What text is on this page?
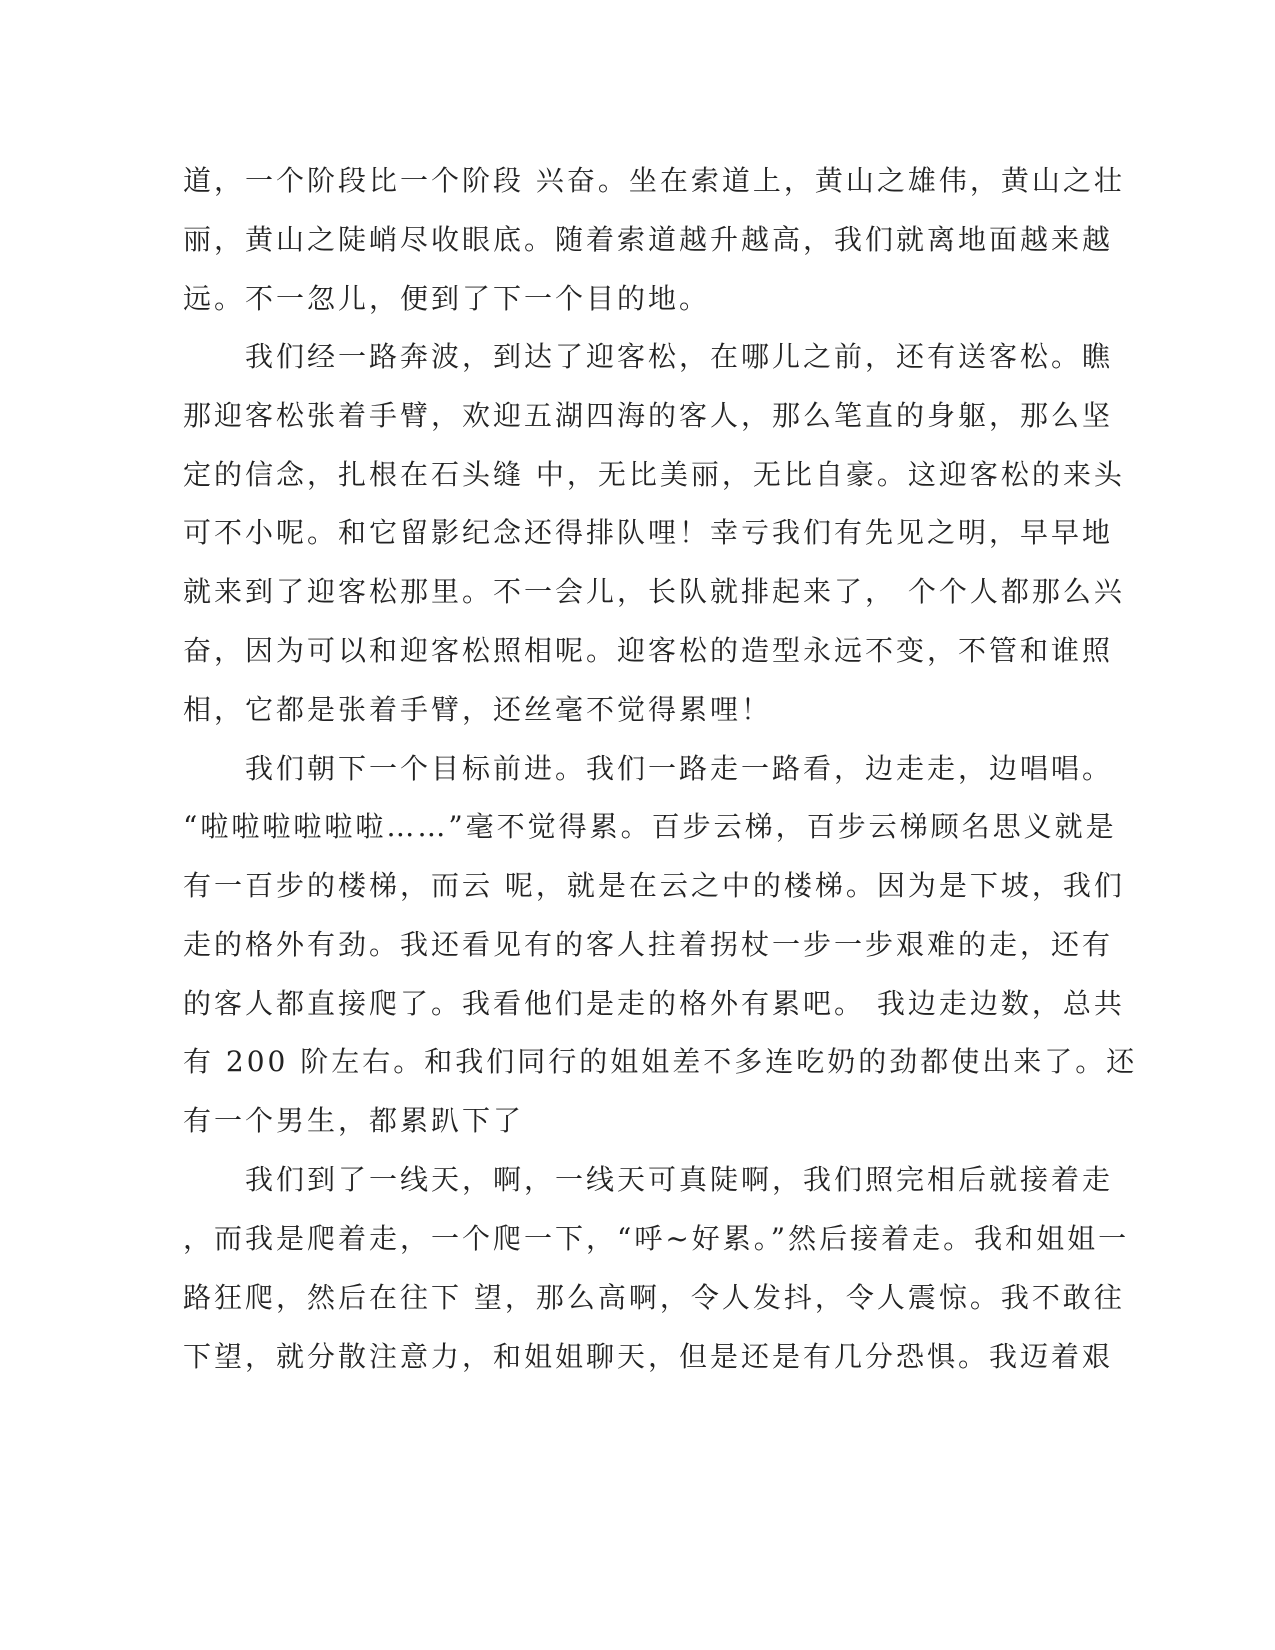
道，一个阶段比一个阶段 兴奋。坐在索道上，黄山之雄伟，黄山之壮
丽，黄山之陡峭尽收眼底。随着索道越升越高，我们就离地面越来越
远。不一忽儿，便到了下一个目的地。
　　我们经一路奔波，到达了迎客松，在哪儿之前，还有送客松。瞧
那迎客松张着手臂，欢迎五湖四海的客人，那么笔直的身躯，那么坚
定的信念，扎根在石头缝 中，无比美丽，无比自豪。这迎客松的来头
可不小呢。和它留影纪念还得排队哩！幸亏我们有先见之明，早早地
就来到了迎客松那里。不一会儿，长队就排起来了， 个个人都那么兴
奋，因为可以和迎客松照相呢。迎客松的造型永远不变，不管和谁照
相，它都是张着手臂，还丝毫不觉得累哩！
　　我们朝下一个目标前进。我们一路走一路看，边走走，边唱唱。
“啦啦啦啦啦啦……”毫不觉得累。百步云梯，百步云梯顾名思义就是
有一百步的楼梯，而云 呢，就是在云之中的楼梯。因为是下坡，我们
走的格外有劲。我还看见有的客人拄着拐杖一步一步艰难的走，还有
的客人都直接爬了。我看他们是走的格外有累吧。 我边走边数，总共
有 200 阶左右。和我们同行的姐姐差不多连吃奶的劲都使出来了。还
有一个男生，都累趴下了
　　我们到了一线天，啊，一线天可真陡啊，我们照完相后就接着走
，而我是爬着走，一个爬一下，“呼~好累。”然后接着走。我和姐姐一
路狂爬，然后在往下 望，那么高啊，令人发抖，令人震惊。我不敢往
下望，就分散注意力，和姐姐聊天，但是还是有几分恐惧。我迈着艰
